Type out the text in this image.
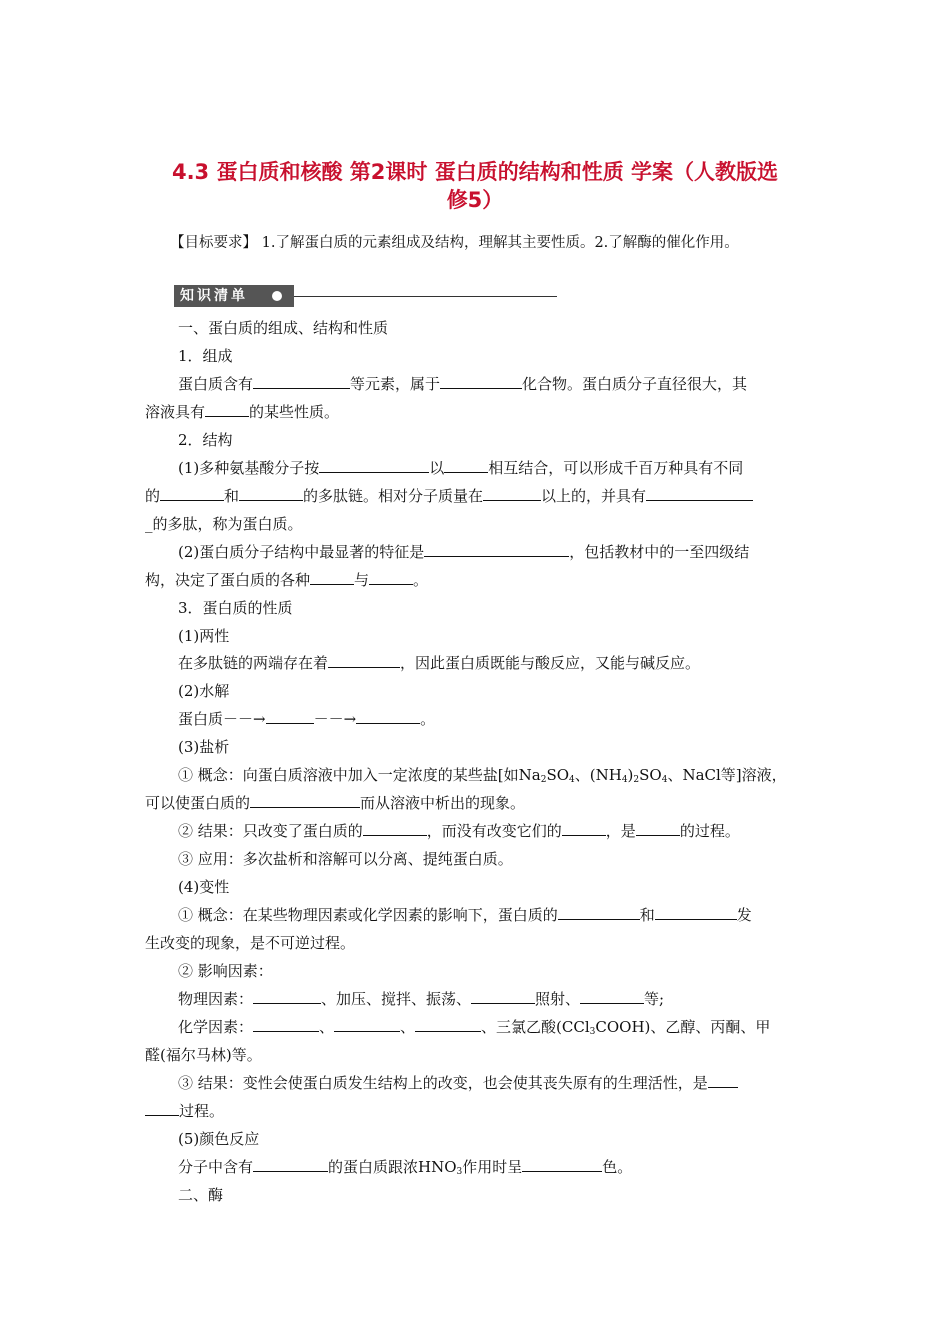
4.3 蛋白质和核酸 第2课时 蛋白质的结构和性质 学案（人教版选
修5）
【目标要求】 1.了解蛋白质的元素组成及结构，理解其主要性质。2.了解酶的催化作用。
知识清单
一、蛋白质的组成、结构和性质
1．组成
蛋白质含有	等元素，属于	化合物。蛋白质分子直径很大，其
溶液具有	的某些性质。
2．结构
(1)多种氨基酸分子按	以	相互结合，可以形成千百万种具有不同
的	和	的多肽链。相对分子质量在	以上的，并具有
_的多肽，称为蛋白质。
(2)蛋白质分子结构中最显著的特征是	，包括教材中的一至四级结
构，决定了蛋白质的各种	与	。
3．蛋白质的性质
(1)两性
在多肽链的两端存在着	，因此蛋白质既能与酸反应，又能与碱反应。
(2)水解
蛋白质－－→	－－→	。
(3)盐析
① 概念：向蛋白质溶液中加入一定浓度的某些盐[如$Na_2SO_4$、$(NH_4)_2SO_4$、NaCl等]溶液，
可以使蛋白质的	而从溶液中析出的现象。
② 结果：只改变了蛋白质的	，而没有改变它们的	，是	的过程。
③ 应用：多次盐析和溶解可以分离、提纯蛋白质。
(4)变性
① 概念：在某些物理因素或化学因素的影响下，蛋白质的	和	发
生改变的现象，是不可逆过程。
② 影响因素：
物理因素：	、加压、搅拌、振荡、	照射、	等;
化学因素：	、	、	、三氯乙酸(CCl$_3$COOH)、乙醇、丙酮、甲
醛(福尔马林)等。
③ 结果：变性会使蛋白质发生结构上的改变，也会使其丧失原有的生理活性，是
过程。
(5)颜色反应
分子中含有	的蛋白质跟浓$HNO_3$作用时呈	色。
二、酶
